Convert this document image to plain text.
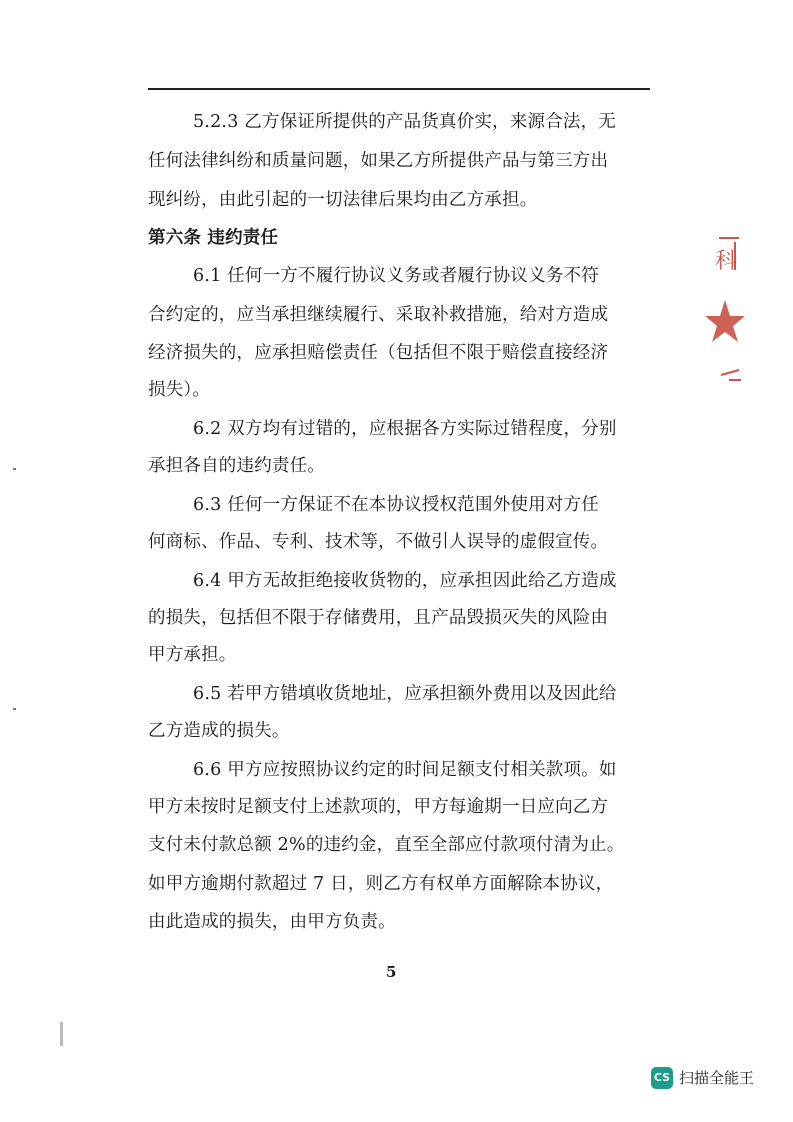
5.2.3 乙方保证所提供的产品货真价实，来源合法，无
任何法律纠纷和质量问题，如果乙方所提供产品与第三方出
现纠纷，由此引起的一切法律后果均由乙方承担。
第六条 违约责任
6.1 任何一方不履行协议义务或者履行协议义务不符
合约定的，应当承担继续履行、采取补救措施，给对方造成
经济损失的，应承担赔偿责任（包括但不限于赔偿直接经济
损失）。
6.2 双方均有过错的，应根据各方实际过错程度，分别
承担各自的违约责任。
6.3 任何一方保证不在本协议授权范围外使用对方任
何商标、作品、专利、技术等，不做引人误导的虚假宣传。
6.4 甲方无故拒绝接收货物的，应承担因此给乙方造成
的损失，包括但不限于存储费用，且产品毁损灭失的风险由
甲方承担。
6.5 若甲方错填收货地址，应承担额外费用以及因此给
乙方造成的损失。
6.6 甲方应按照协议约定的时间足额支付相关款项。如
甲方未按时足额支付上述款项的，甲方每逾期一日应向乙方
支付未付款总额 2%的违约金，直至全部应付款项付清为止。
如甲方逾期付款超过 7 日，则乙方有权单方面解除本协议，
由此造成的损失，由甲方负责。
5
科
CS 扫描全能王
